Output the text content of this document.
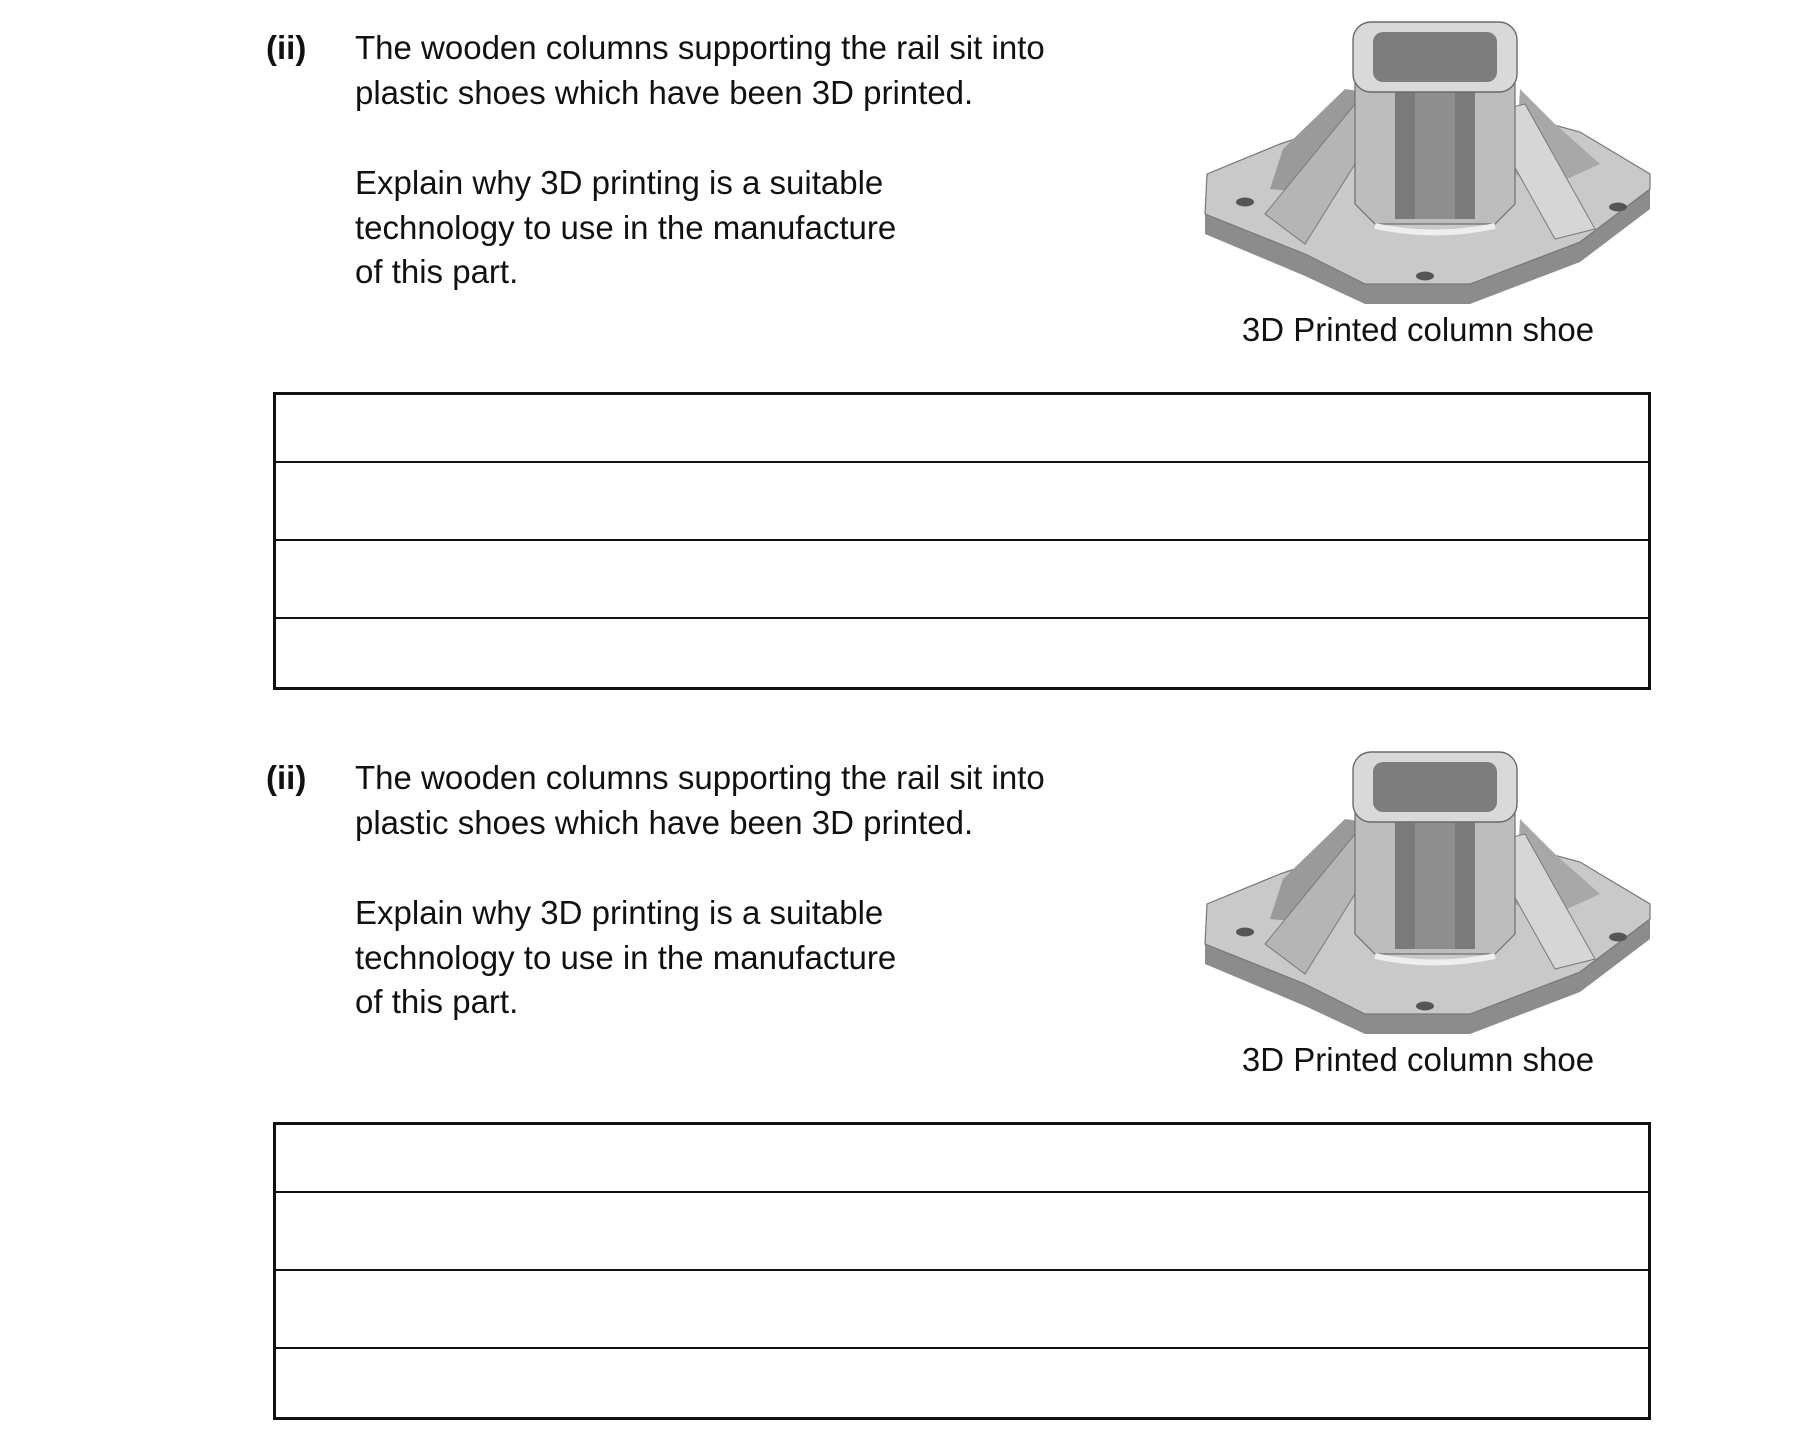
(ii) The wooden columns supporting the rail sit into

plastic shoes which have been 3D printed.

Explain why 3D printing is a suitable

technology to use in the manufacture

of this part.

3D Printed column shoe
(ii) The wooden columns supporting the rail sit into

plastic shoes which have been 3D printed.

Explain why 3D printing is a suitable

technology to use in the manufacture

of this part.

3D Printed column shoe
